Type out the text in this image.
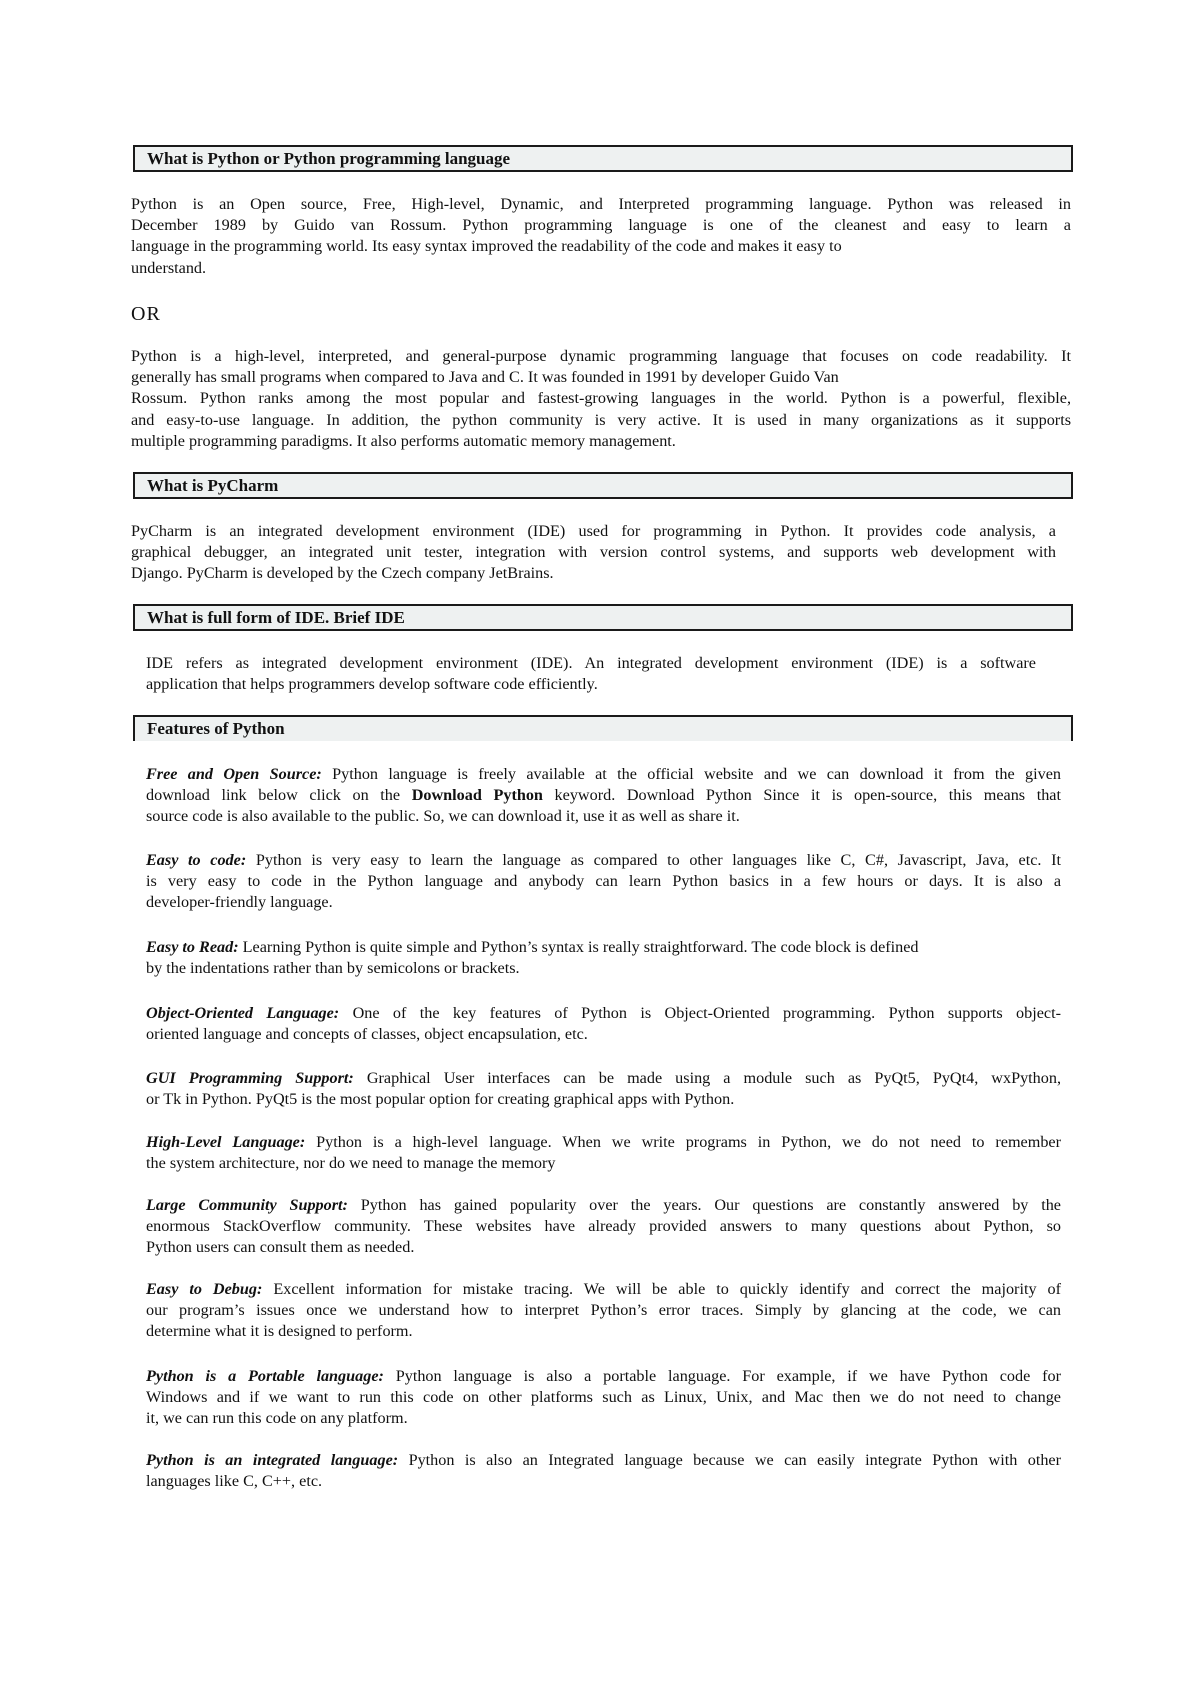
What is Python or Python programming language
Python is an Open source, Free, High-level, Dynamic, and Interpreted programming language. Python was released in
December 1989 by Guido van Rossum. Python programming language is one of the cleanest and easy to learn a
language in the programming world. Its easy syntax improved the readability of the code and makes it easy to
understand.
OR
Python is a high-level, interpreted, and general-purpose dynamic programming language that focuses on code readability. It
generally has small programs when compared to Java and C. It was founded in 1991 by developer Guido Van
Rossum. Python ranks among the most popular and fastest-growing languages in the world. Python is a powerful, flexible,
and easy-to-use language. In addition, the python community is very active. It is used in many organizations as it supports
multiple programming paradigms. It also performs automatic memory management.
What is PyCharm
PyCharm is an integrated development environment (IDE) used for programming in Python. It provides code analysis, a
graphical debugger, an integrated unit tester, integration with version control systems, and supports web development with
Django. PyCharm is developed by the Czech company JetBrains.
What is full form of IDE. Brief IDE
IDE refers as integrated development environment (IDE). An integrated development environment (IDE) is a software
application that helps programmers develop software code efficiently.
Features of Python
Free and Open Source: Python language is freely available at the official website and we can download it from the given
download link below click on the Download Python keyword. Download Python Since it is open-source, this means that
source code is also available to the public. So, we can download it, use it as well as share it.
Easy to code: Python is very easy to learn the language as compared to other languages like C, C#, Javascript, Java, etc. It
is very easy to code in the Python language and anybody can learn Python basics in a few hours or days. It is also a
developer-friendly language.
Easy to Read: Learning Python is quite simple and Python’s syntax is really straightforward. The code block is defined
by the indentations rather than by semicolons or brackets.
Object-Oriented Language: One of the key features of Python is Object-Oriented programming. Python supports object-
oriented language and concepts of classes, object encapsulation, etc.
GUI Programming Support: Graphical User interfaces can be made using a module such as PyQt5, PyQt4, wxPython,
or Tk in Python. PyQt5 is the most popular option for creating graphical apps with Python.
High-Level Language: Python is a high-level language. When we write programs in Python, we do not need to remember
the system architecture, nor do we need to manage the memory
Large Community Support: Python has gained popularity over the years. Our questions are constantly answered by the
enormous StackOverflow community. These websites have already provided answers to many questions about Python, so
Python users can consult them as needed.
Easy to Debug: Excellent information for mistake tracing. We will be able to quickly identify and correct the majority of
our program’s issues once we understand how to interpret Python’s error traces. Simply by glancing at the code, we can
determine what it is designed to perform.
Python is a Portable language: Python language is also a portable language. For example, if we have Python code for
Windows and if we want to run this code on other platforms such as Linux, Unix, and Mac then we do not need to change
it, we can run this code on any platform.
Python is an integrated language: Python is also an Integrated language because we can easily integrate Python with other
languages like C, C++, etc.
